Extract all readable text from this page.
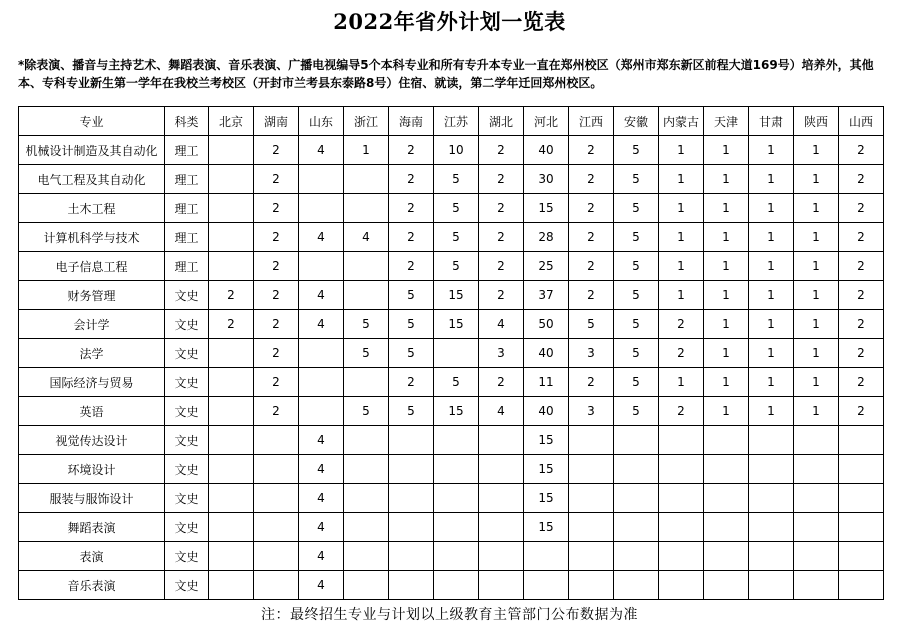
2022年省外计划一览表
*除表演、播音与主持艺术、舞蹈表演、音乐表演、广播电视编导5个本科专业和所有专升本专业一直在郑州校区（郑州市郑东新区前程大道169号）培养外，其他本、专科专业新生第一学年在我校兰考校区（开封市兰考县东泰路8号）住宿、就读，第二学年迁回郑州校区。
专业	科类	北京	湖南	山东	浙江	海南	江苏	湖北	河北	江西	安徽	内蒙古	天津	甘肃	陕西	山西
机械设计制造及其自动化	理工		2	4	1	2	10	2	40	2	5	1	1	1	1	2
电气工程及其自动化	理工		2			2	5	2	30	2	5	1	1	1	1	2
土木工程	理工		2			2	5	2	15	2	5	1	1	1	1	2
计算机科学与技术	理工		2	4	4	2	5	2	28	2	5	1	1	1	1	2
电子信息工程	理工		2			2	5	2	25	2	5	1	1	1	1	2
财务管理	文史	2	2	4		5	15	2	37	2	5	1	1	1	1	2
会计学	文史	2	2	4	5	5	15	4	50	5	5	2	1	1	1	2
法学	文史		2		5	5		3	40	3	5	2	1	1	1	2
国际经济与贸易	文史		2			2	5	2	11	2	5	1	1	1	1	2
英语	文史		2		5	5	15	4	40	3	5	2	1	1	1	2
视觉传达设计	文史			4					15							
环境设计	文史			4					15							
服装与服饰设计	文史			4					15							
舞蹈表演	文史			4					15							
表演	文史			4												
音乐表演	文史			4												
注：最终招生专业与计划以上级教育主管部门公布数据为准
